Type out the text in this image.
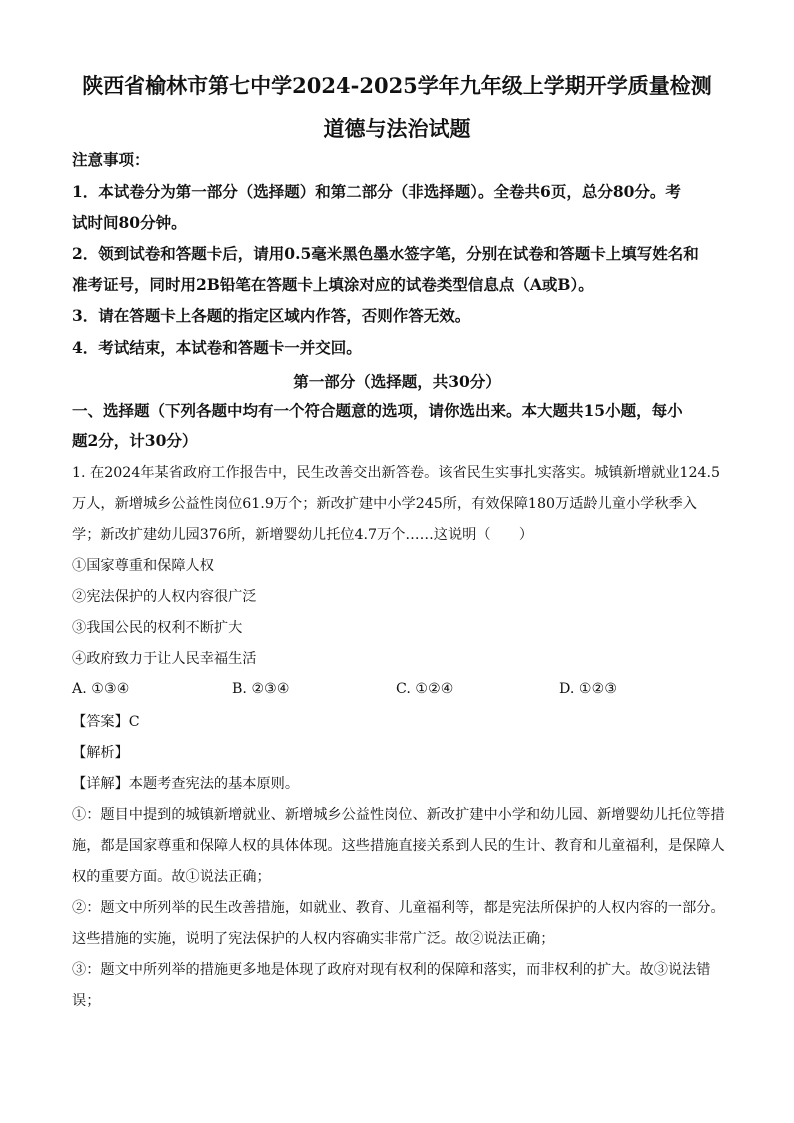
陕西省榆林市第七中学2024-2025学年九年级上学期开学质量检测
道德与法治试题
注意事项：
1．本试卷分为第一部分（选择题）和第二部分（非选择题）。全卷共6页，总分80分。考
试时间80分钟。
2．领到试卷和答题卡后，请用0.5毫米黑色墨水签字笔，分别在试卷和答题卡上填写姓名和
准考证号，同时用2B铅笔在答题卡上填涂对应的试卷类型信息点（A或B）。
3．请在答题卡上各题的指定区域内作答，否则作答无效。
4．考试结束，本试卷和答题卡一并交回。
第一部分（选择题，共30分）
一、选择题（下列各题中均有一个符合题意的选项，请你选出来。本大题共15小题，每小
题2分，计30分）
1. 在2024年某省政府工作报告中，民生改善交出新答卷。该省民生实事扎实落实。城镇新增就业124.5
万人，新增城乡公益性岗位61.9万个；新改扩建中小学245所，有效保障180万适龄儿童小学秋季入
学；新改扩建幼儿园376所，新增婴幼儿托位4.7万个……这说明（　　）
①国家尊重和保障人权
②宪法保护的人权内容很广泛
③我国公民的权利不断扩大
④政府致力于让人民幸福生活
A. ①③④	B. ②③④	C. ①②④	D. ①②③
【答案】C
【解析】
【详解】本题考查宪法的基本原则。
①：题目中提到的城镇新增就业、新增城乡公益性岗位、新改扩建中小学和幼儿园、新增婴幼儿托位等措
施，都是国家尊重和保障人权的具体体现。这些措施直接关系到人民的生计、教育和儿童福利，是保障人
权的重要方面。故①说法正确；
②：题文中所列举的民生改善措施，如就业、教育、儿童福利等，都是宪法所保护的人权内容的一部分。
这些措施的实施，说明了宪法保护的人权内容确实非常广泛。故②说法正确；
③：题文中所列举的措施更多地是体现了政府对现有权利的保障和落实，而非权利的扩大。故③说法错
误；
